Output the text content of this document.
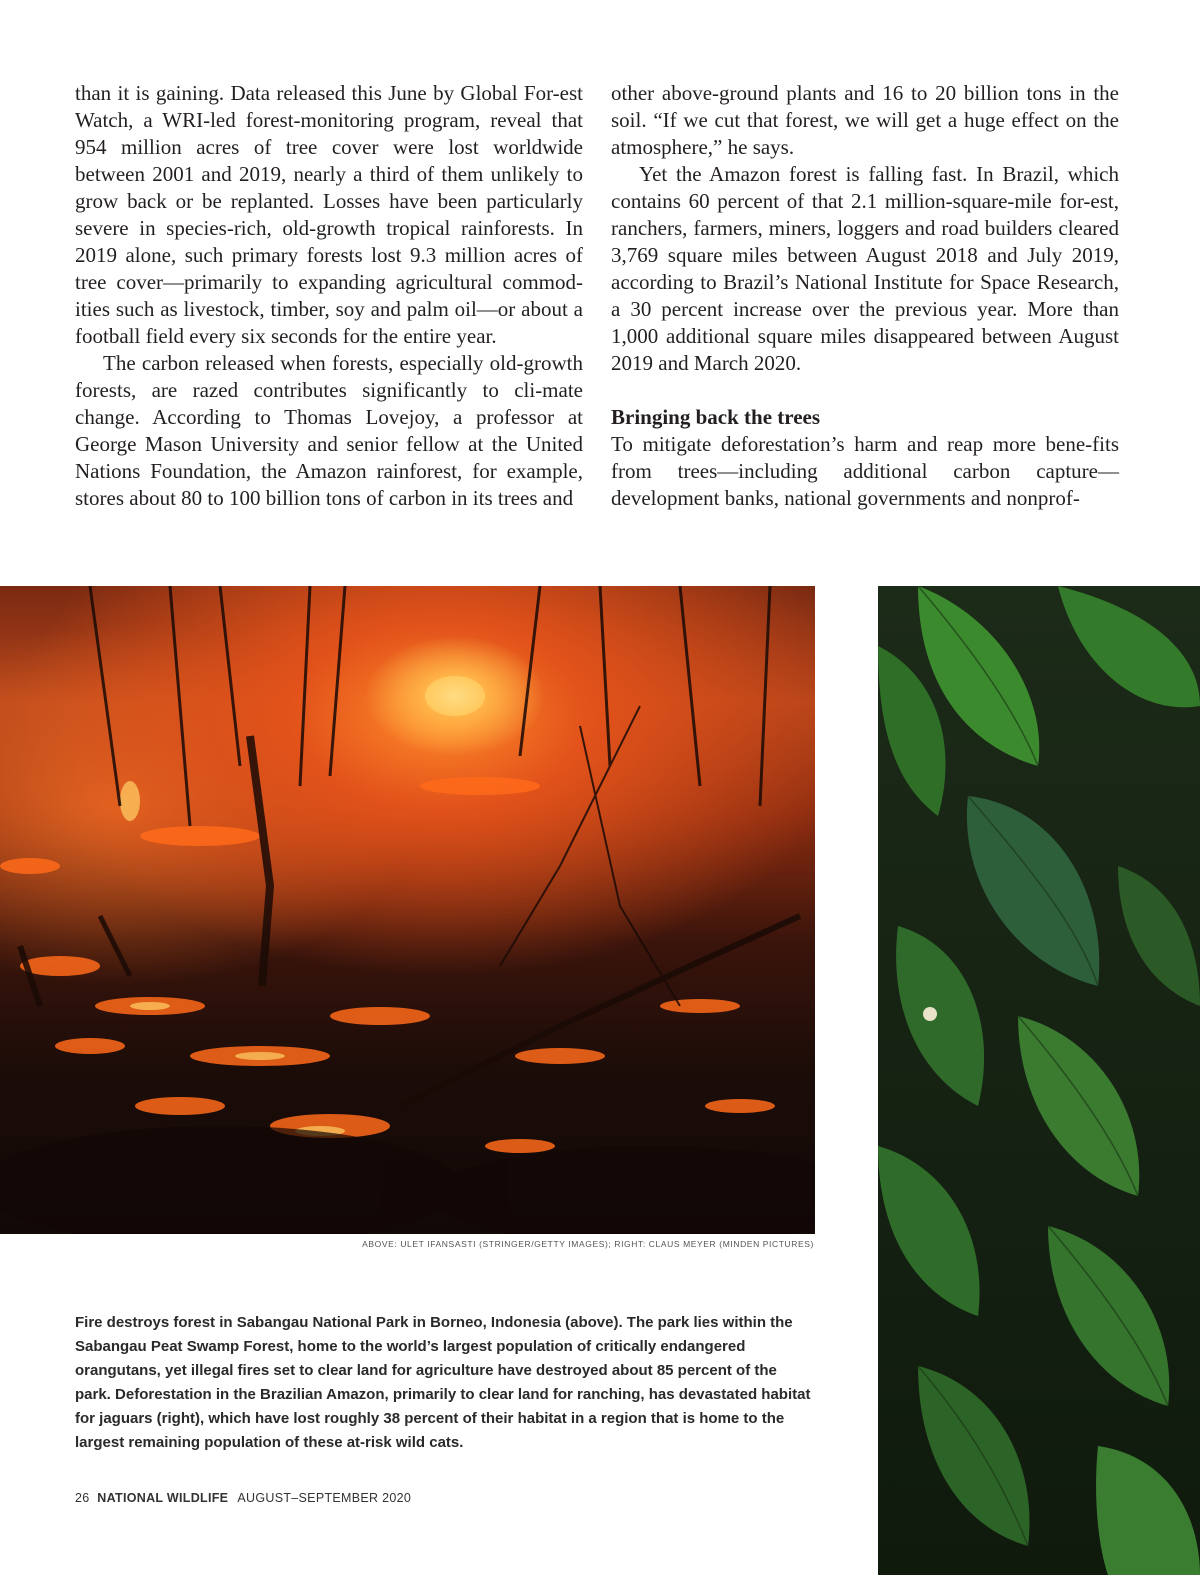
than it is gaining. Data released this June by Global For-est Watch, a WRI-led forest-monitoring program, reveal that 954 million acres of tree cover were lost worldwide between 2001 and 2019, nearly a third of them unlikely to grow back or be replanted. Losses have been particularly severe in species-rich, old-growth tropical rainforests. In 2019 alone, such primary forests lost 9.3 million acres of tree cover—primarily to expanding agricultural commod-ities such as livestock, timber, soy and palm oil—or about a football field every six seconds for the entire year.

The carbon released when forests, especially old-growth forests, are razed contributes significantly to cli-mate change. According to Thomas Lovejoy, a professor at George Mason University and senior fellow at the United Nations Foundation, the Amazon rainforest, for example, stores about 80 to 100 billion tons of carbon in its trees and

other above-ground plants and 16 to 20 billion tons in the soil. “If we cut that forest, we will get a huge effect on the atmosphere,” he says.

Yet the Amazon forest is falling fast. In Brazil, which contains 60 percent of that 2.1 million-square-mile for-est, ranchers, farmers, miners, loggers and road builders cleared 3,769 square miles between August 2018 and July 2019, according to Brazil’s National Institute for Space Research, a 30 percent increase over the previous year. More than 1,000 additional square miles disappeared between August 2019 and March 2020.

Bringing back the trees

To mitigate deforestation’s harm and reap more bene-fits from trees—including additional carbon capture—development banks, national governments and nonprof-

ABOVE: ULET IFANSASTI (STRINGER/GETTY IMAGES); RIGHT: CLAUS MEYER (MINDEN PICTURES)
Fire destroys forest in Sabangau National Park in Borneo, Indonesia (above). The park lies within the Sabangau Peat Swamp Forest, home to the world’s largest population of critically endangered orangutans, yet illegal fires set to clear land for agriculture have destroyed about 85 percent of the park. Deforestation in the Brazilian Amazon, primarily to clear land for ranching, has devastated habitat for jaguars (right), which have lost roughly 38 percent of their habitat in a region that is home to the largest remaining population of these at-risk wild cats.
26 NATIONAL WILDLIFE AUGUST–SEPTEMBER 2020
